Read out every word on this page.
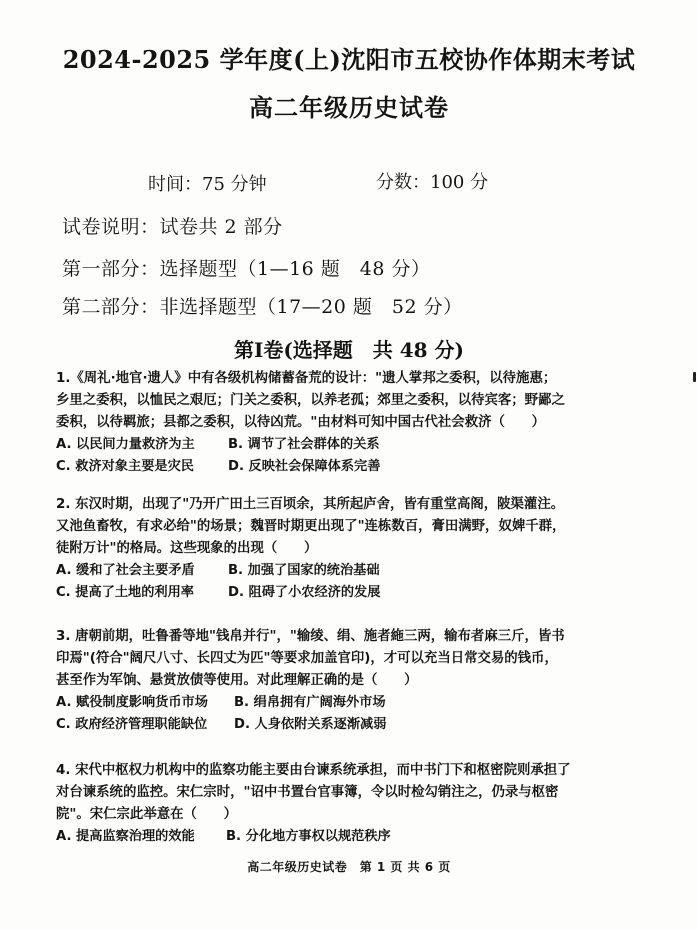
2024-2025 学年度(上)沈阳市五校协作体期末考试
高二年级历史试卷
时间：75 分钟	分数：100 分
试卷说明：试卷共 2 部分
第一部分：选择题型（1—16 题　48 分）
第二部分：非选择题型（17—20 题　52 分）
第Ⅰ卷(选择题　共 48 分)

1.《周礼·地官·遗人》中有各级机构储蓄备荒的设计："遗人掌邦之委积，以待施惠；

乡里之委积，以恤民之艰厄；门关之委积，以养老孤；郊里之委积，以待宾客；野鄙之

委积，以待羁旅；县都之委积，以待凶荒。"由材料可知中国古代社会救济（　　）

A. 以民间力量救济为主	B. 调节了社会群体的关系
C. 救济对象主要是灾民	D. 反映社会保障体系完善

2. 东汉时期，出现了"乃开广田土三百顷余，其所起庐舍，皆有重堂高阁，陂渠灌注。

又池鱼畜牧，有求必给"的场景；魏晋时期更出现了"连栋数百，膏田满野，奴婢千群，

徒附万计"的格局。这些现象的出现（　　）

A. 缓和了社会主要矛盾	B. 加强了国家的统治基础
C. 提高了土地的利用率	D. 阻碍了小农经济的发展

3. 唐朝前期，吐鲁番等地"钱帛并行"，"输绫、绢、施者絁三两，输布者麻三斤，皆书

印焉"(符合"阔尺八寸、长四丈为匹"等要求加盖官印)，才可以充当日常交易的钱币，

甚至作为军饷、悬赏放债等使用。对此理解正确的是（　　）

A. 赋役制度影响货币市场	B. 绢帛拥有广阔海外市场
C. 政府经济管理职能缺位	D. 人身依附关系逐渐减弱

4. 宋代中枢权力机构中的监察功能主要由台谏系统承担，而中书门下和枢密院则承担了

对台谏系统的监控。宋仁宗时，"诏中书置台官事簿，令以时检勾销注之，仍录与枢密

院"。宋仁宗此举意在（　　）

A. 提高监察治理的效能	B. 分化地方事权以规范秩序
高二年级历史试卷　第 1 页 共 6 页
